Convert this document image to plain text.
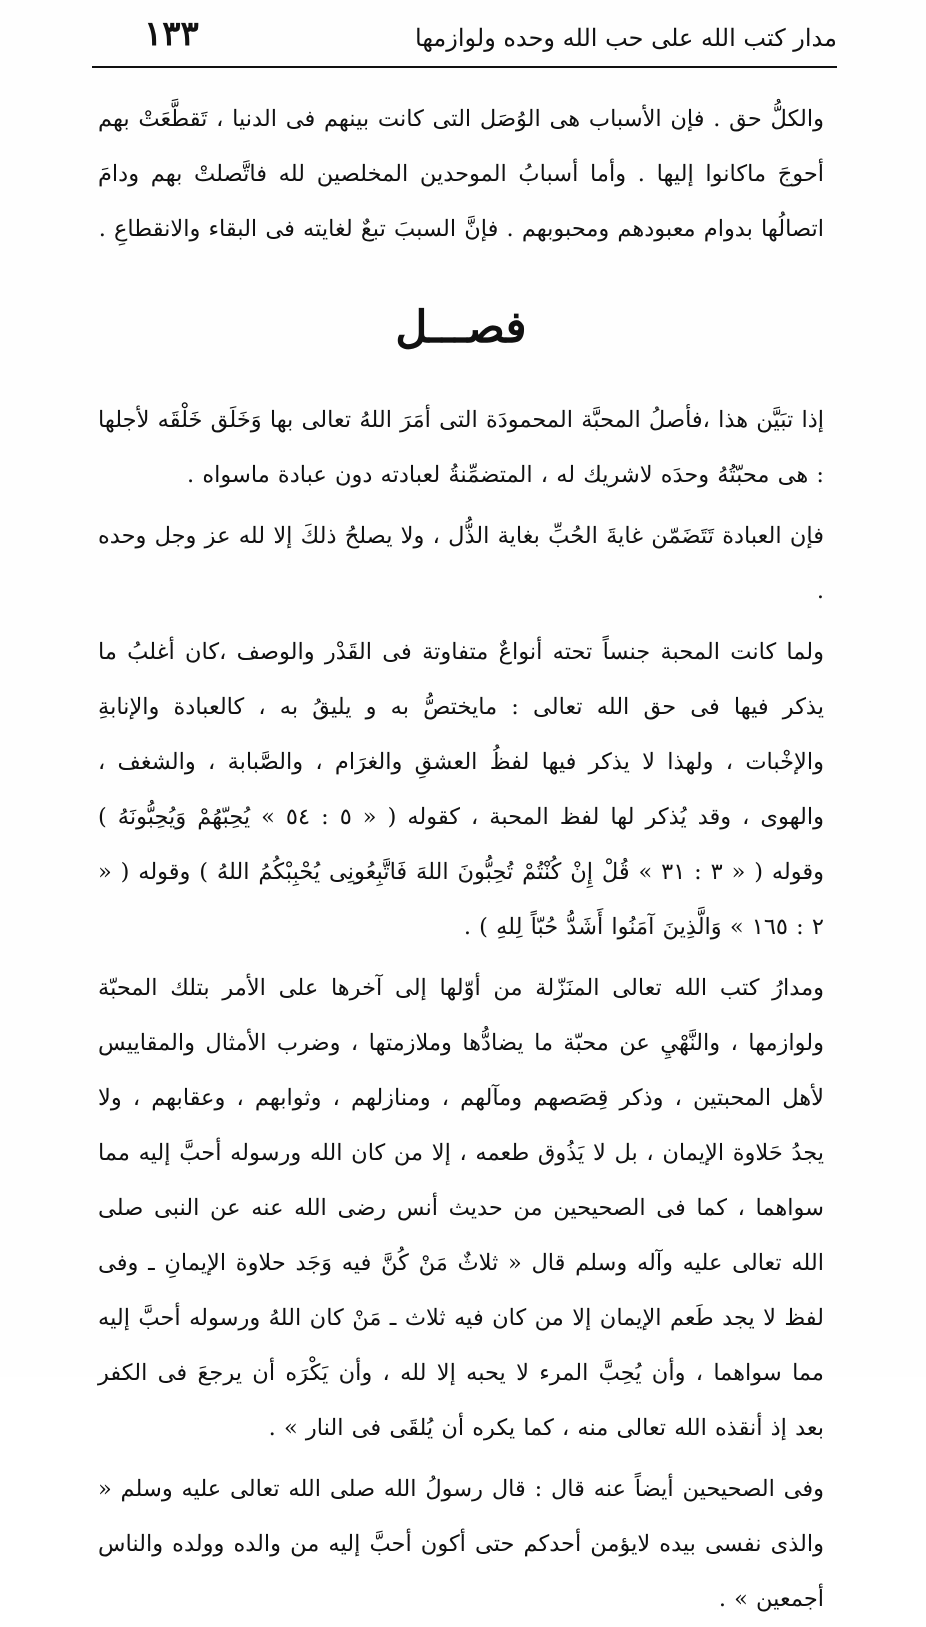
مدار كتب الله على حب الله وحده ولوازمها
١٣٣

والكلُّ حق . فإن الأسباب هى الوُصَل التى كانت بينهم فى الدنيا ، تَقطَّعَتْ بهم أحوجَ ماكانوا إليها . وأما أسبابُ الموحدين المخلصين لله فاتَّصلتْ بهم ودامَ اتصالُها بدوام معبودهم ومحبوبهم . فإنَّ السببَ تبعٌ لغايته فى البقاء والانقطاعِ .

فصـــل

إذا تبَيَّن هذا ،فأصلُ المحبَّة المحمودَة التى أمَرَ اللهُ تعالى بها وَخَلَق خَلْقَه لأجلها : هى محبّتُهُ وحدَه لاشريك له ، المتضمِّنةُ لعبادته دون عبادة ماسواه .

فإن العبادة تَتَضَمّن غايةَ الحُبِّ بغاية الذُّل ، ولا يصلحُ ذلكَ إلا لله عز وجل وحده .

ولما كانت المحبة جنساً تحته أنواعٌ متفاوتة فى القَدْر والوصف ،كان أغلبُ ما يذكر فيها فى حق الله تعالى : مايختصُّ به و يليقُ به ، كالعبادة والإنابةِ والإخْبات ، ولهذا لا يذكر فيها لفظُ العشقِ والغرَام ، والصَّبابة ، والشغف ، والهوى ، وقد يُذكر لها لفظ المحبة ، كقوله ( « ٥ : ٥٤ » يُحِبّهُمْ وَيُحِبُّونَهُ ) وقوله ( « ٣ : ٣١ » قُلْ إِنْ كُنْتُمْ تُحِبُّونَ اللهَ فَاتَّبِعُونِى يُحْبِبْكُمُ اللهُ ) وقوله ( « ٢ : ١٦٥ » وَالَّذِينَ آمَنُوا أَشَدُّ حُبّاً لِلهِ ) .

ومدارُ كتب الله تعالى المنَزّلة من أوّلها إلى آخرها على الأمر بتلك المحبّة ولوازمها ، والنَّهْيِ عن محبّة ما يضادُّها وملازمتها ، وضرب الأمثال والمقاييس لأهل المحبتين ، وذكر قِصَصهم ومآلهم ، ومنازلهم ، وثوابهم ، وعقابهم ، ولا يجدُ حَلاوة الإيمان ، بل لا يَذُوق طعمه ، إلا من كان الله ورسوله أحبَّ إليه مما سواهما ، كما فى الصحيحين من حديث أنس رضى الله عنه عن النبى صلى الله تعالى عليه وآله وسلم قال « ثلاثٌ مَنْ كُنَّ فيه وَجَد حلاوة الإيمانِ ـ وفى لفظ لا يجد طَعم الإيمان إلا من كان فيه ثلاث ـ مَنْ كان اللهُ ورسوله أحبَّ إليه مما سواهما ، وأن يُحِبَّ المرء لا يحبه إلا لله ، وأن يَكْرَه أن يرجعَ فى الكفر بعد إذ أنقذه الله تعالى منه ، كما يكره أن يُلقَى فى النار » .

وفى الصحيحين أيضاً عنه قال : قال رسولُ الله صلى الله تعالى عليه وسلم « والذى نفسى بيده لايؤمن أحدكم حتى أكون أحبَّ إليه من والده وولده والناس أجمعين » .
